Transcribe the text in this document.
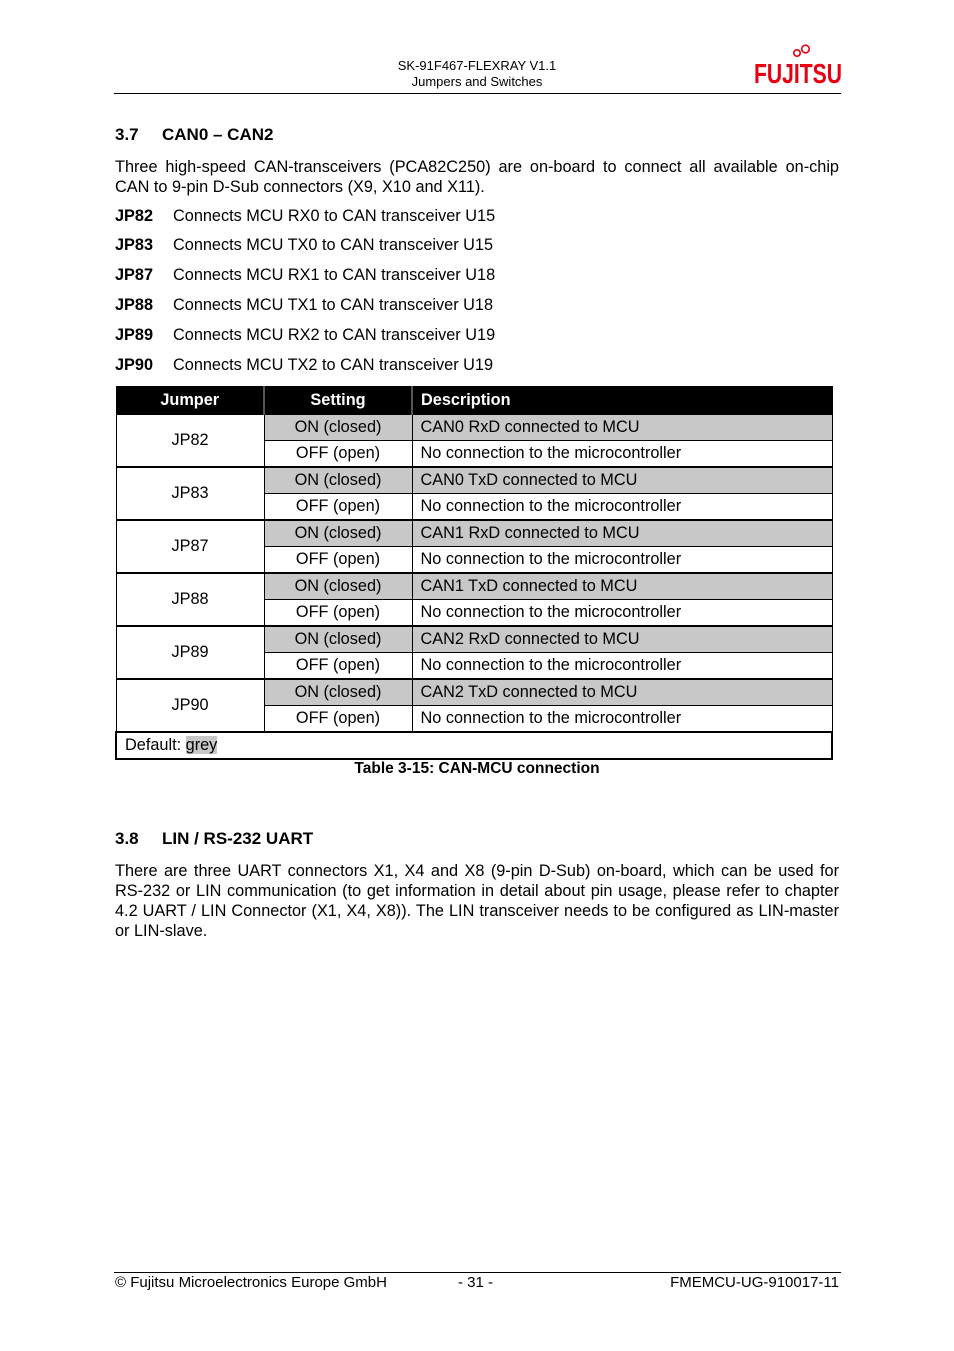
SK-91F467-FLEXRAY V1.1
Jumpers and Switches	FUJITSU
3.7 CAN0 – CAN2
Three high-speed CAN-transceivers (PCA82C250) are on-board to connect all available on-chip CAN to 9-pin D-Sub connectors (X9, X10 and X11).
JP82 Connects MCU RX0 to CAN transceiver U15
JP83 Connects MCU TX0 to CAN transceiver U15
JP87 Connects MCU RX1 to CAN transceiver U18
JP88 Connects MCU TX1 to CAN transceiver U18
JP89 Connects MCU RX2 to CAN transceiver U19
JP90 Connects MCU TX2 to CAN transceiver U19
Jumper	Setting	Description
JP82	ON (closed)	CAN0 RxD connected to MCU
	OFF (open)	No connection to the microcontroller
JP83	ON (closed)	CAN0 TxD connected to MCU
	OFF (open)	No connection to the microcontroller
JP87	ON (closed)	CAN1 RxD connected to MCU
	OFF (open)	No connection to the microcontroller
JP88	ON (closed)	CAN1 TxD connected to MCU
	OFF (open)	No connection to the microcontroller
JP89	ON (closed)	CAN2 RxD connected to MCU
	OFF (open)	No connection to the microcontroller
JP90	ON (closed)	CAN2 TxD connected to MCU
	OFF (open)	No connection to the microcontroller
Default: grey		
Table 3-15: CAN-MCU connection
3.8 LIN / RS-232 UART
There are three UART connectors X1, X4 and X8 (9-pin D-Sub) on-board, which can be used for RS-232 or LIN communication (to get information in detail about pin usage, please refer to chapter 4.2 UART / LIN Connector (X1, X4, X8)). The LIN transceiver needs to be configured as LIN-master or LIN-slave.
© Fujitsu Microelectronics Europe GmbH	- 31 -	FMEMCU-UG-910017-11
